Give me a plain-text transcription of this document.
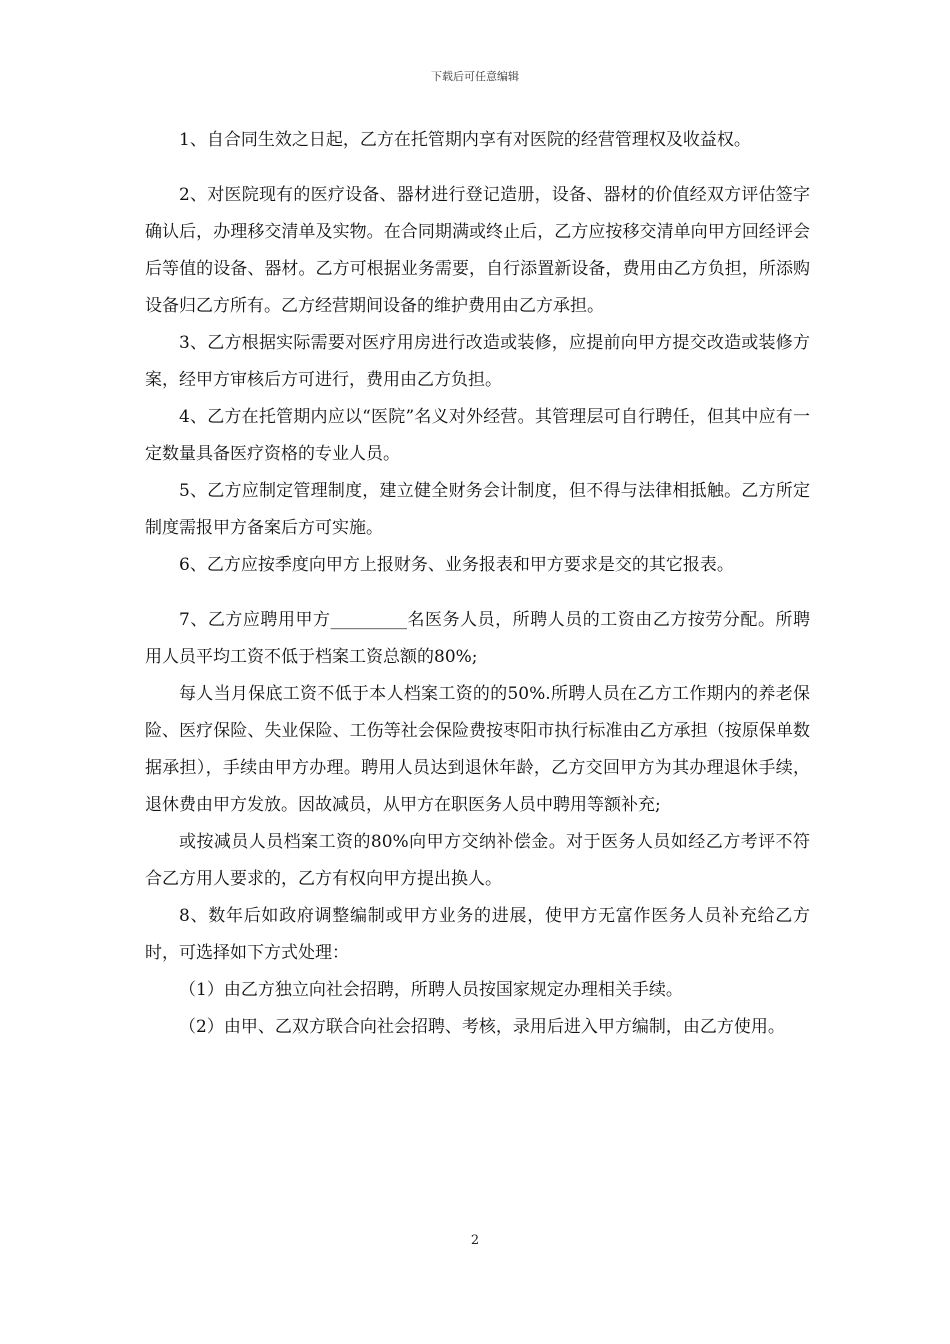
下载后可任意编辑

1、自合同生效之日起，乙方在托管期内享有对医院的经营管理权及收益权。

2、对医院现有的医疗设备、器材进行登记造册，设备、器材的价值经双方评估签字确认后，办理移交清单及实物。在合同期满或终止后，乙方应按移交清单向甲方回经评会后等值的设备、器材。乙方可根据业务需要，自行添置新设备，费用由乙方负担，所添购设备归乙方所有。乙方经营期间设备的维护费用由乙方承担。

3、乙方根据实际需要对医疗用房进行改造或装修，应提前向甲方提交改造或装修方案，经甲方审核后方可进行，费用由乙方负担。

4、乙方在托管期内应以“医院”名义对外经营。其管理层可自行聘任，但其中应有一定数量具备医疗资格的专业人员。

5、乙方应制定管理制度，建立健全财务会计制度，但不得与法律相抵触。乙方所定制度需报甲方备案后方可实施。

6、乙方应按季度向甲方上报财务、业务报表和甲方要求是交的其它报表。

7、乙方应聘用甲方_________名医务人员，所聘人员的工资由乙方按劳分配。所聘用人员平均工资不低于档案工资总额的80%;

每人当月保底工资不低于本人档案工资的的50%.所聘人员在乙方工作期内的养老保险、医疗保险、失业保险、工伤等社会保险费按枣阳市执行标准由乙方承担（按原保单数据承担），手续由甲方办理。聘用人员达到退休年龄，乙方交回甲方为其办理退休手续，退休费由甲方发放。因故减员，从甲方在职医务人员中聘用等额补充;

或按减员人员档案工资的80%向甲方交纳补偿金。对于医务人员如经乙方考评不符合乙方用人要求的，乙方有权向甲方提出换人。

8、数年后如政府调整编制或甲方业务的进展，使甲方无富作医务人员补充给乙方时，可选择如下方式处理：

（1）由乙方独立向社会招聘，所聘人员按国家规定办理相关手续。

（2）由甲、乙双方联合向社会招聘、考核，录用后进入甲方编制，由乙方使用。

2
